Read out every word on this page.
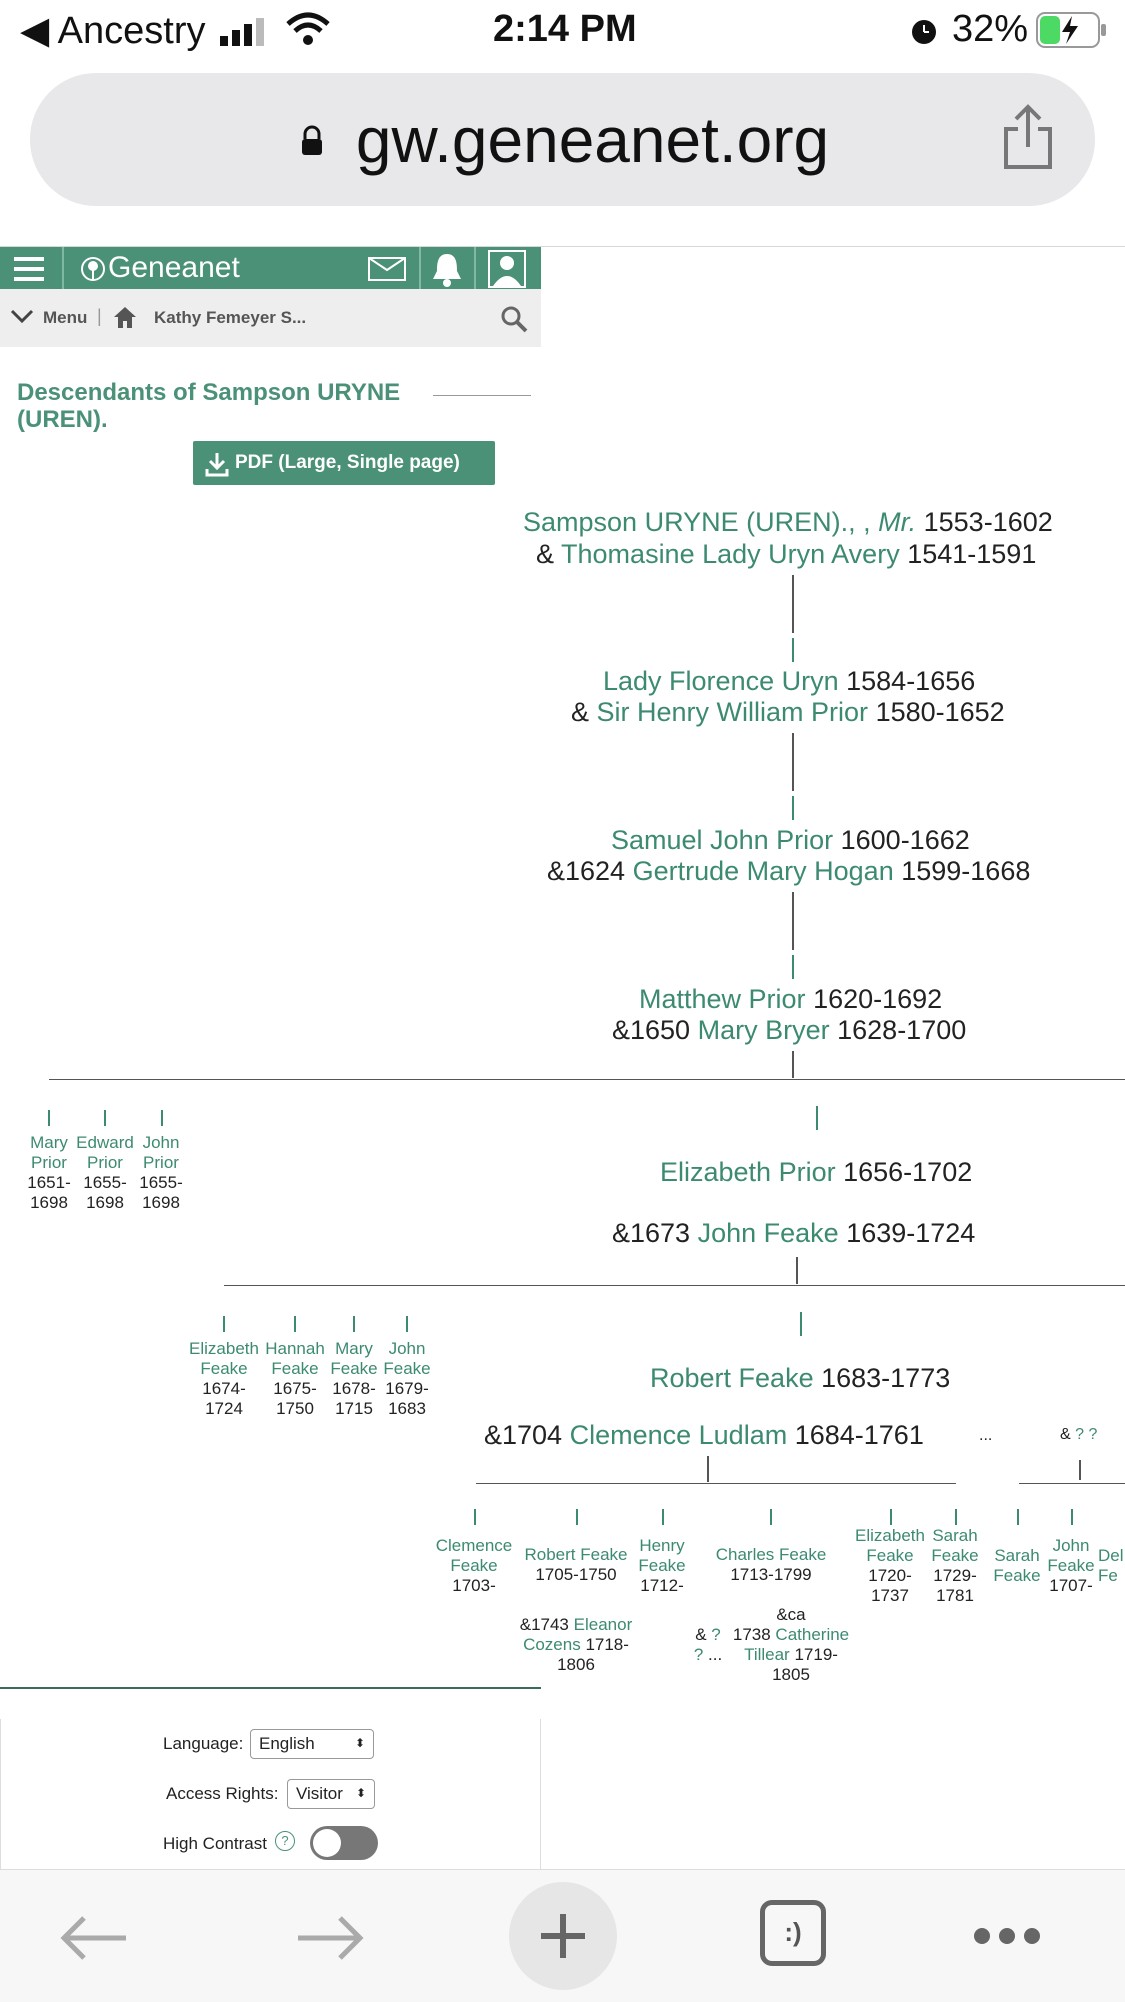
◀ Ancestry	2:14 PM	32%
gw.geneanet.org
Geneanet
Menu |	Kathy Femeyer S...
Descendants of Sampson URYNE
(UREN).
PDF (Large, Single page)
Sampson URYNE (UREN)., , Mr. 1553-1602
& Thomasine Lady Uryn Avery 1541-1591
Lady Florence Uryn 1584-1656
& Sir Henry William Prior 1580-1652
Samuel John Prior 1600-1662
&1624 Gertrude Mary Hogan 1599-1668
Matthew Prior 1620-1692
&1650 Mary Bryer 1628-1700
Mary
Prior
1651-
1698
Edward
Prior
1655-
1698
John
Prior
1655-
1698
Elizabeth Prior 1656-1702
&1673 John Feake 1639-1724
Elizabeth
Feake
1674-
1724
Hannah
Feake
1675-
1750
Mary
Feake
1678-
1715
John
Feake
1679-
1683
Robert Feake 1683-1773
&1704 Clemence Ludlam 1684-1761	...	& ? ?
Clemence
Feake
1703-
Robert Feake
1705-1750
&1743 Eleanor
Cozens 1718-
1806
Henry
Feake
1712-
Charles Feake
1713-1799
& ?
? ...
&ca
1738 Catherine
Tillear 1719-
1805
Elizabeth
Feake
1720-
1737
Sarah
Feake
1729-
1781
Sarah
Feake
John
Feake
1707-
Del
Fe
Language: English	⬍
Access Rights:	Visitor ⬍
High Contrast	?
:)
